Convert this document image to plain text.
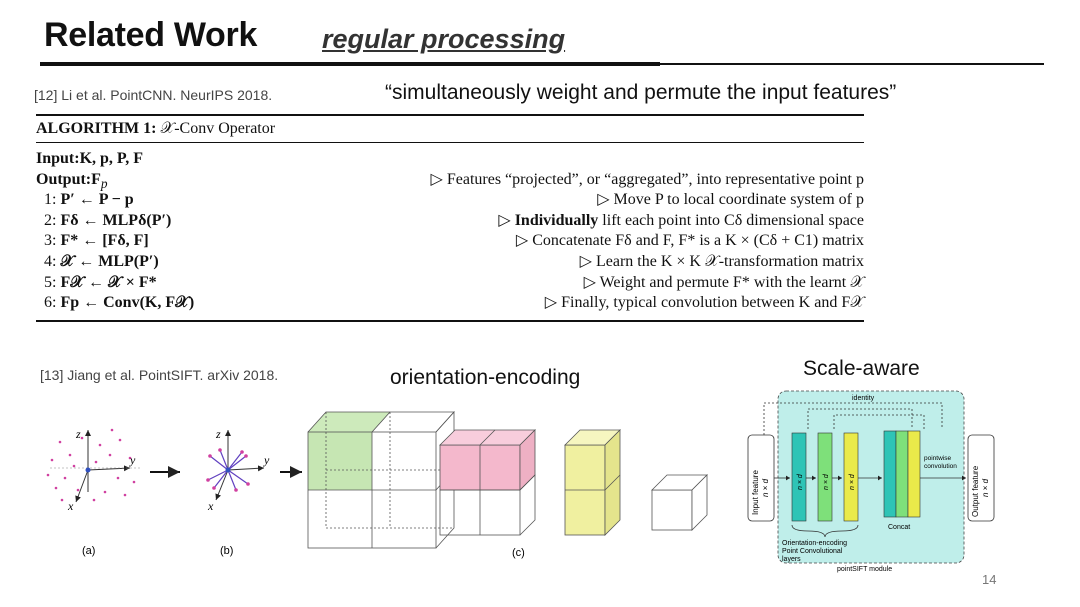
Related Work regular processing
[12] Li et al. PointCNN. NeurIPS 2018.	“simultaneously weight and permute the input features”
ALGORITHM 1: 𝒳-Conv Operator
Input:K, p, P, F
$Output:F_p$	▷ Features “projected”, or “aggregated”, into representative point p
1: P′ ← P − p	▷ Move P to local coordinate system of p
2: Fδ ← MLPδ(P′)	▷ Individually lift each point into Cδ dimensional space
3: F* ← [Fδ, F]	▷ Concatenate Fδ and F, F* is a K × (Cδ + C1) matrix
4: 𝒳 ← MLP(P′)	▷ Learn the K × K 𝒳-transformation matrix
5: F𝒳 ← 𝒳 × F*	▷ Weight and permute F* with the learnt 𝒳
6: Fp ← Conv(K, F𝒳)	▷ Finally, typical convolution between K and F𝒳
[13] Jiang et al. PointSIFT. arXiv 2018.	orientation-encoding	Scale-aware
z
y
x
(a)
z
y
x
(b)	(c)
identity
Input feature n × d	n × d	n × d	n × d
Orientation-encoding
Point Convolutional
layers
Concat
pointwise
convolution Output feature n × d
pointSIFT module
14
